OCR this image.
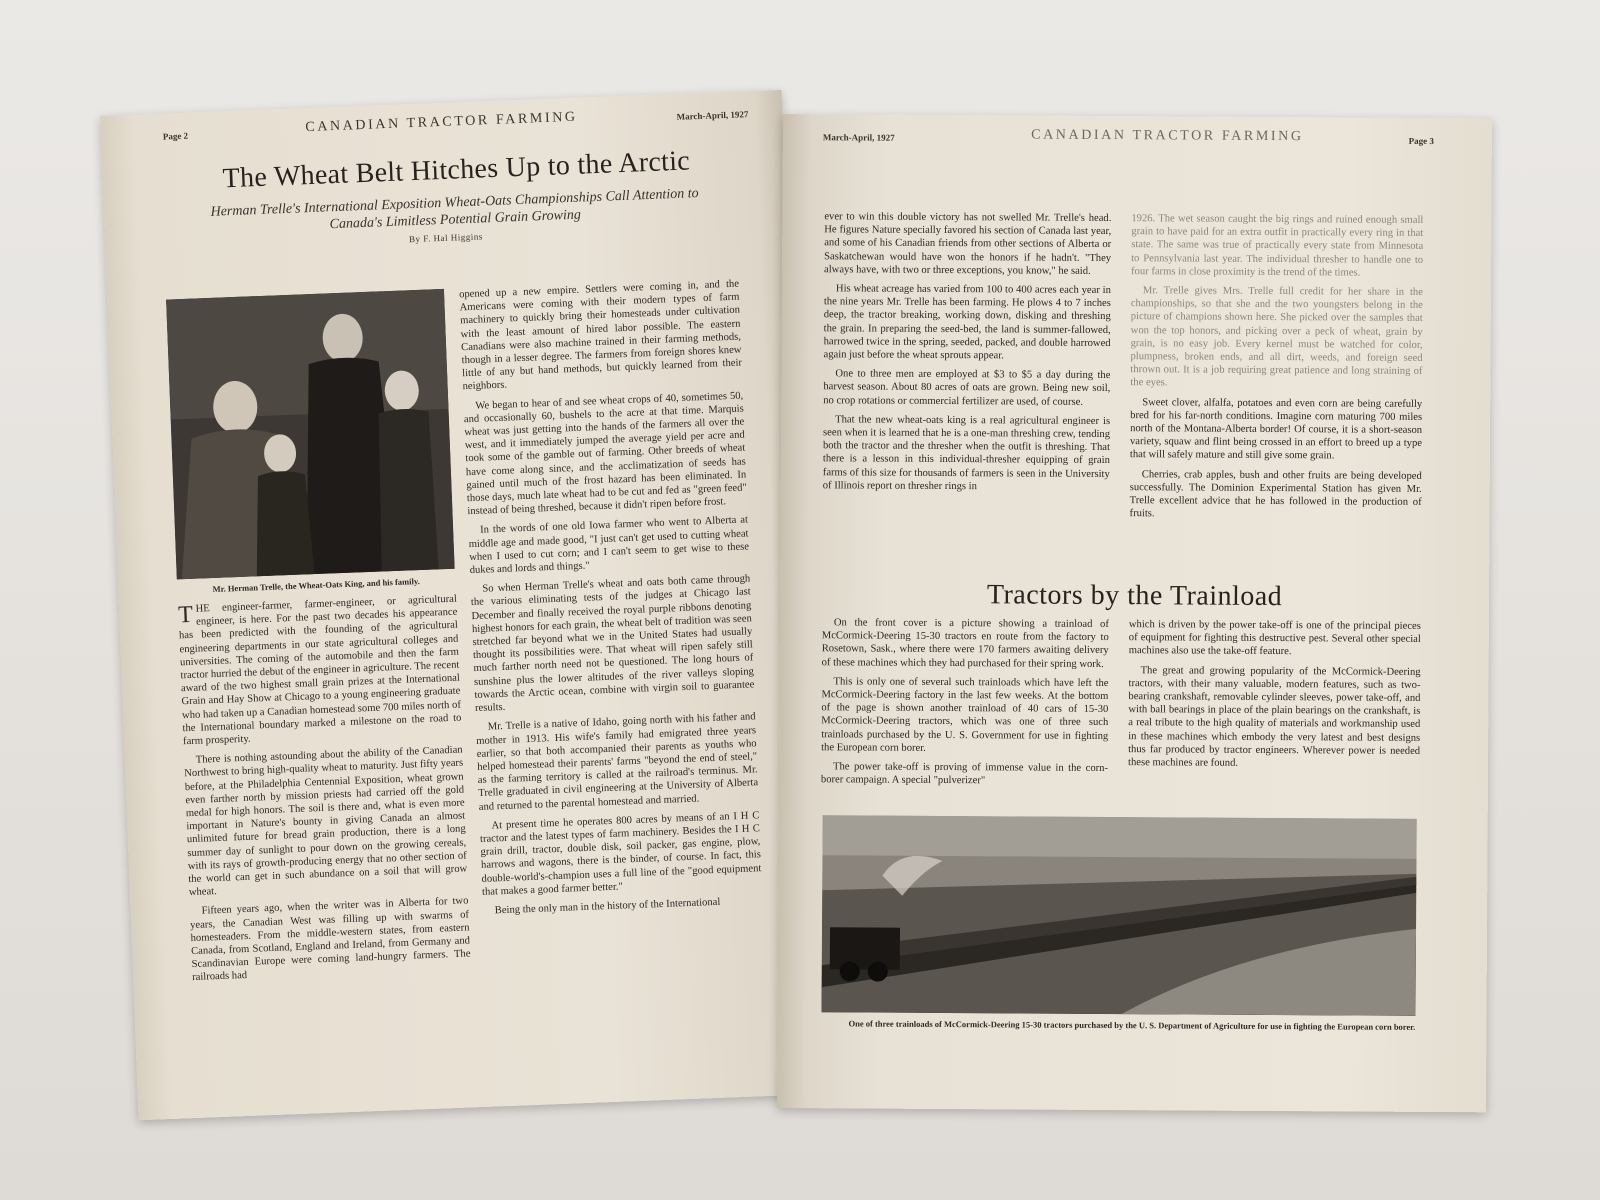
Page 2
CANADIAN TRACTOR FARMING	March-April, 1927
The Wheat Belt Hitches Up to the Arctic
Herman Trelle's International Exposition Wheat-Oats Championships Call Attention to Canada's Limitless Potential Grain Growing
By F. Hal Higgins
Mr. Herman Trelle, the Wheat-Oats King, and his family.

THE engineer-farmer, farmer-engineer, or agricultural engineer, is here. For the past two decades his appearance has been predicted with the founding of the agricultural engineering departments in our state agricultural colleges and universities. The coming of the automobile and then the farm tractor hurried the debut of the engineer in agriculture. The recent award of the two highest small grain prizes at the International Grain and Hay Show at Chicago to a young engineering graduate who had taken up a Canadian homestead some 700 miles north of the International boundary marked a milestone on the road to farm prosperity.

There is nothing astounding about the ability of the Canadian Northwest to bring high-quality wheat to maturity. Just fifty years before, at the Philadelphia Centennial Exposition, wheat grown even farther north by mission priests had carried off the gold medal for high honors. The soil is there and, what is even more important in Nature's bounty in giving Canada an almost unlimited future for bread grain production, there is a long summer day of sunlight to pour down on the growing cereals, with its rays of growth-producing energy that no other section of the world can get in such abundance on a soil that will grow wheat.

Fifteen years ago, when the writer was in Alberta for two years, the Canadian West was filling up with swarms of homesteaders. From the middle-western states, from eastern Canada, from Scotland, England and Ireland, from Germany and Scandinavian Europe were coming land-hungry farmers. The railroads had

opened up a new empire. Settlers were coming in, and the Americans were coming with their modern types of farm machinery to quickly bring their homesteads under cultivation with the least amount of hired labor possible. The eastern Canadians were also machine trained in their farming methods, though in a lesser degree. The farmers from foreign shores knew little of any but hand methods, but quickly learned from their neighbors.

We began to hear of and see wheat crops of 40, sometimes 50, and occasionally 60, bushels to the acre at that time. Marquis wheat was just getting into the hands of the farmers all over the west, and it immediately jumped the average yield per acre and took some of the gamble out of farming. Other breeds of wheat have come along since, and the acclimatization of seeds has gained until much of the frost hazard has been eliminated. In those days, much late wheat had to be cut and fed as "green feed" instead of being threshed, because it didn't ripen before frost.

In the words of one old Iowa farmer who went to Alberta at middle age and made good, "I just can't get used to cutting wheat when I used to cut corn; and I can't seem to get wise to these dukes and lords and things."

So when Herman Trelle's wheat and oats both came through the various eliminating tests of the judges at Chicago last December and finally received the royal purple ribbons denoting highest honors for each grain, the wheat belt of tradition was seen stretched far beyond what we in the United States had usually thought its possibilities were. That wheat will ripen safely still much farther north need not be questioned. The long hours of sunshine plus the lower altitudes of the river valleys sloping towards the Arctic ocean, combine with virgin soil to guarantee results.

Mr. Trelle is a native of Idaho, going north with his father and mother in 1913. His wife's family had emigrated three years earlier, so that both accompanied their parents as youths who helped homestead their parents' farms "beyond the end of steel," as the farming territory is called at the railroad's terminus. Mr. Trelle graduated in civil engineering at the University of Alberta and returned to the parental homestead and married.

At present time he operates 800 acres by means of an I H C tractor and the latest types of farm machinery. Besides the I H C grain drill, tractor, double disk, soil packer, gas engine, plow, harrows and wagons, there is the binder, of course. In fact, this double-world's-champion uses a full line of the "good equipment that makes a good farmer better."

Being the only man in the history of the International

March-April, 1927	CANADIAN TRACTOR FARMING	Page 3

ever to win this double victory has not swelled Mr. Trelle's head. He figures Nature specially favored his section of Canada last year, and some of his Canadian friends from other sections of Alberta or Saskatchewan would have won the honors if he hadn't. "They always have, with two or three exceptions, you know," he said.

His wheat acreage has varied from 100 to 400 acres each year in the nine years Mr. Trelle has been farming. He plows 4 to 7 inches deep, the tractor breaking, working down, disking and threshing the grain. In preparing the seed-bed, the land is summer-fallowed, harrowed twice in the spring, seeded, packed, and double harrowed again just before the wheat sprouts appear.

One to three men are employed at $3 to $5 a day during the harvest season. About 80 acres of oats are grown. Being new soil, no crop rotations or commercial fertilizer are used, of course.

That the new wheat-oats king is a real agricultural engineer is seen when it is learned that he is a one-man threshing crew, tending both the tractor and the thresher when the outfit is threshing. That there is a lesson in this individual-thresher equipping of grain farms of this size for thousands of farmers is seen in the University of Illinois report on thresher rings in

1926. The wet season caught the big rings and ruined enough small grain to have paid for an extra outfit in practically every ring in that state. The same was true of practically every state from Minnesota to Pennsylvania last year. The individual thresher to handle one to four farms in close proximity is the trend of the times.

Mr. Trelle gives Mrs. Trelle full credit for her share in the championships, so that she and the two youngsters belong in the picture of champions shown here. She picked over the samples that won the top honors, and picking over a peck of wheat, grain by grain, is no easy job. Every kernel must be watched for color, plumpness, broken ends, and all dirt, weeds, and foreign seed thrown out. It is a job requiring great patience and long straining of the eyes.

Sweet clover, alfalfa, potatoes and even corn are being carefully bred for his far-north conditions. Imagine corn maturing 700 miles north of the Montana-Alberta border! Of course, it is a short-season variety, squaw and flint being crossed in an effort to breed up a type that will safely mature and still give some grain.

Cherries, crab apples, bush and other fruits are being developed successfully. The Dominion Experimental Station has given Mr. Trelle excellent advice that he has followed in the production of fruits.

Tractors by the Trainload

On the front cover is a picture showing a trainload of McCormick-Deering 15-30 tractors en route from the factory to Rosetown, Sask., where there were 170 farmers awaiting delivery of these machines which they had purchased for their spring work.

This is only one of several such trainloads which have left the McCormick-Deering factory in the last few weeks. At the bottom of the page is shown another trainload of 40 cars of 15-30 McCormick-Deering tractors, which was one of three such trainloads purchased by the U. S. Government for use in fighting the European corn borer.

The power take-off is proving of immense value in the corn-borer campaign. A special "pulverizer"

which is driven by the power take-off is one of the principal pieces of equipment for fighting this destructive pest. Several other special machines also use the take-off feature.

The great and growing popularity of the McCormick-Deering tractors, with their many valuable, modern features, such as two-bearing crankshaft, removable cylinder sleeves, power take-off, and with ball bearings in place of the plain bearings on the crankshaft, is a real tribute to the high quality of materials and workmanship used in these machines which embody the very latest and best designs thus far produced by tractor engineers. Wherever power is needed these machines are found.

One of three trainloads of McCormick-Deering 15-30 tractors purchased by the U. S. Department of Agriculture for use in fighting the European corn borer.
